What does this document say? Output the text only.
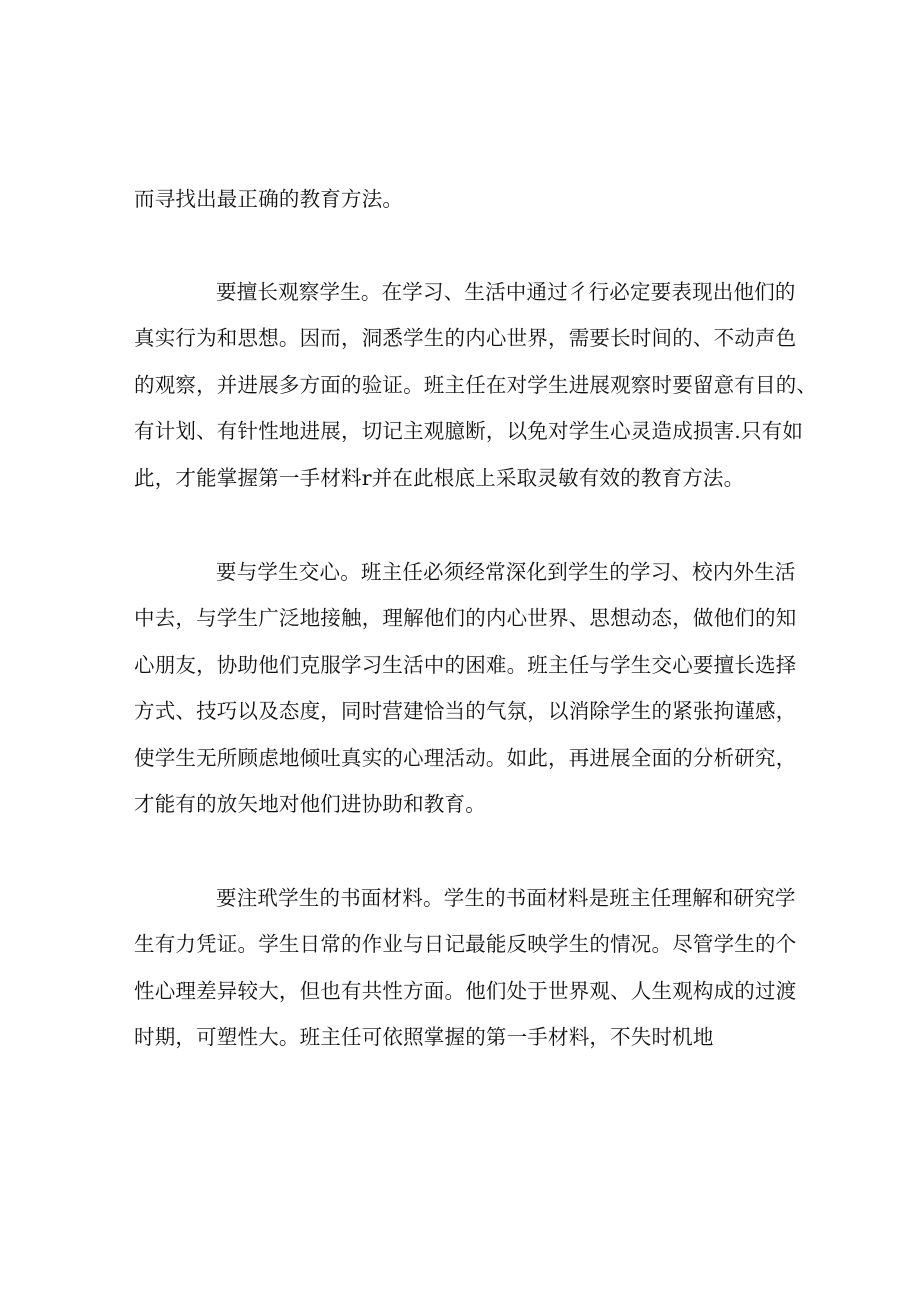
而寻找出最正确的教育方法。
要擅长观察学生。在学习、生活中通过彳行必定要表现出他们的
真实行为和思想。因而，洞悉学生的内心世界，需要长时间的、不动声色
的观察，并进展多方面的验证。班主任在对学生进展观察时要留意有目的、
有计划、有针性地进展，切记主观臆断，以免对学生心灵造成损害.只有如
此，才能掌握第一手材料r并在此根底上采取灵敏有效的教育方法。
要与学生交心。班主任必须经常深化到学生的学习、校内外生活
中去，与学生广泛地接触，理解他们的内心世界、思想动态，做他们的知
心朋友，协助他们克服学习生活中的困难。班主任与学生交心要擅长选择
方式、技巧以及态度，同时营建恰当的气氛，以消除学生的紧张拘谨感，
使学生无所顾虑地倾吐真实的心理活动。如此，再进展全面的分析研究，
才能有的放矢地对他们进协助和教育。
要注玳学生的书面材料。学生的书面材料是班主任理解和研究学
生有力凭证。学生日常的作业与日记最能反映学生的情况。尽管学生的个
性心理差异较大，但也有共性方面。他们处于世界观、人生观构成的过渡
时期，可塑性大。班主任可依照掌握的第一手材料，不失时机地
